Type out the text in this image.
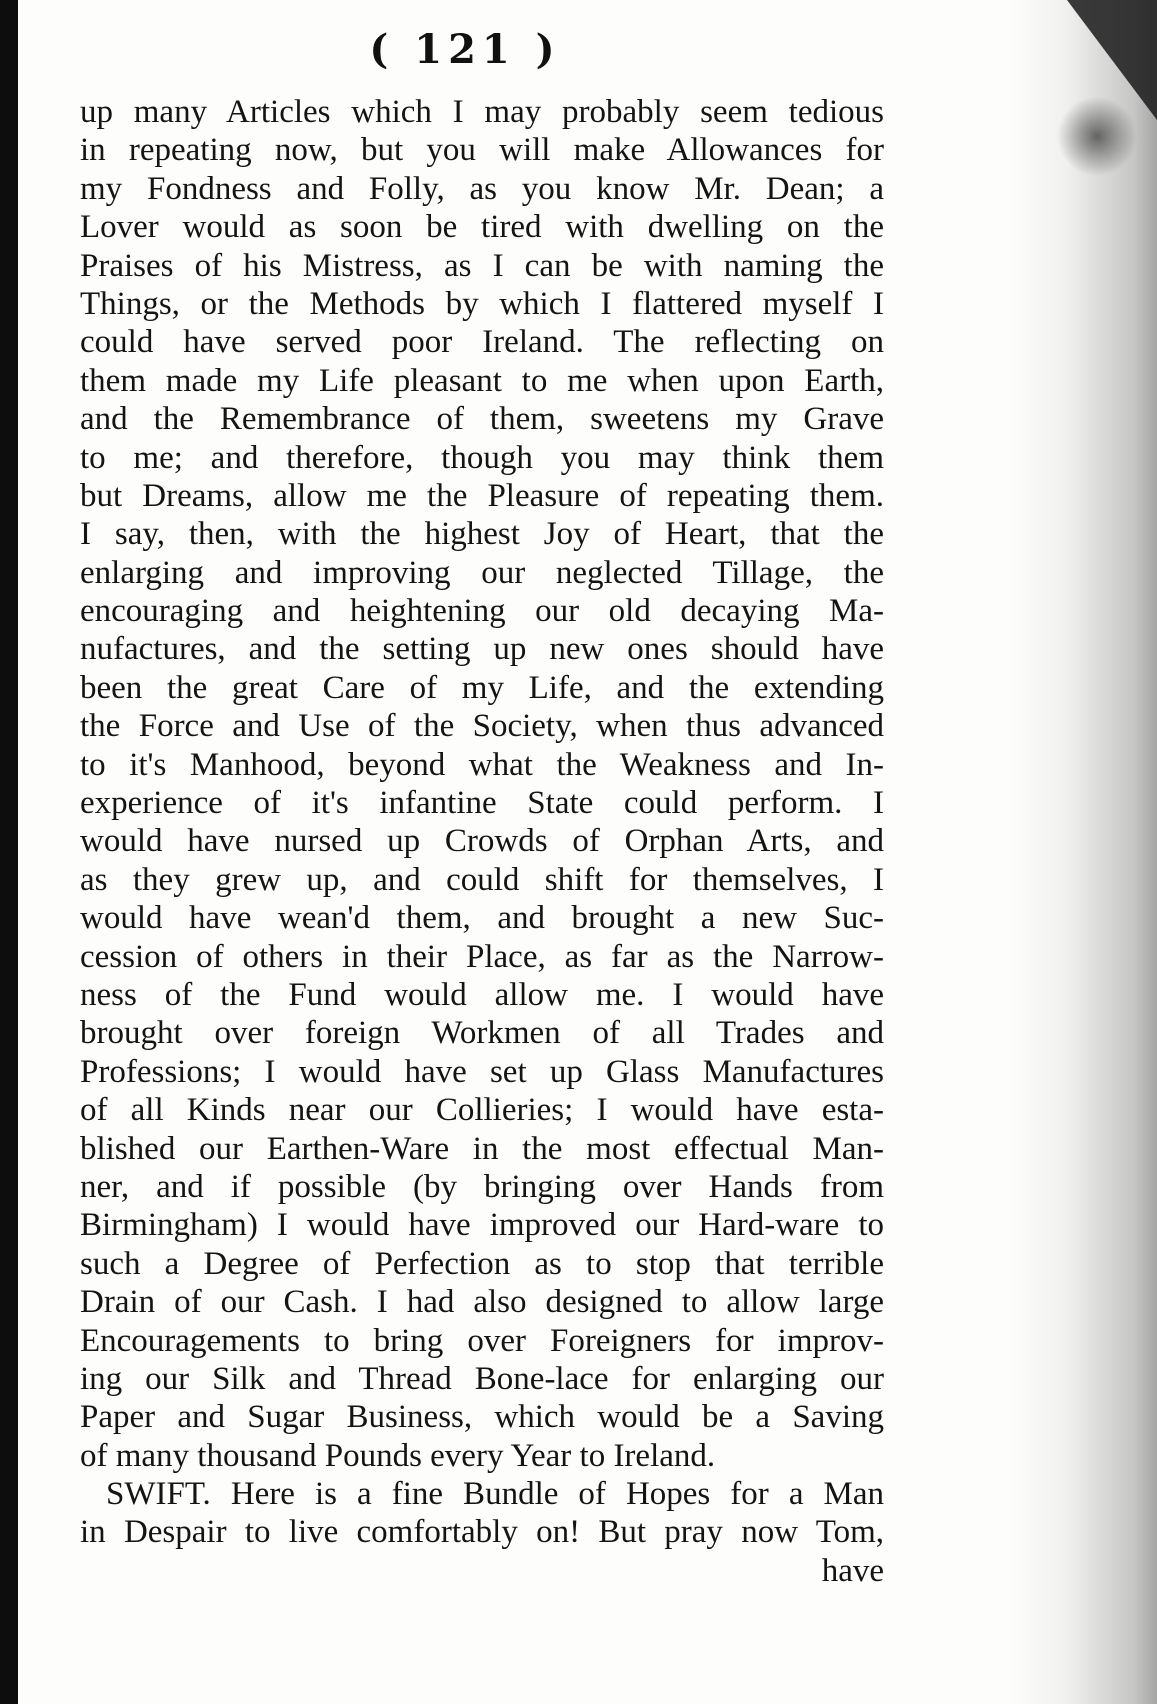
( 121 )
up many Articles which I may probably seem tedious
in repeating now, but you will make Allowances for
my Fondness and Folly, as you know Mr. Dean; a
Lover would as soon be tired with dwelling on the
Praises of his Mistress, as I can be with naming the
Things, or the Methods by which I flattered myself I
could have served poor Ireland. The reflecting on
them made my Life pleasant to me when upon Earth,
and the Remembrance of them, sweetens my Grave
to me; and therefore, though you may think them
but Dreams, allow me the Pleasure of repeating them.
I say, then, with the highest Joy of Heart, that the
enlarging and improving our neglected Tillage, the
encouraging and heightening our old decaying Ma-
nufactures, and the setting up new ones should have
been the great Care of my Life, and the extending
the Force and Use of the Society, when thus advanced
to it's Manhood, beyond what the Weakness and In-
experience of it's infantine State could perform. I
would have nursed up Crowds of Orphan Arts, and
as they grew up, and could shift for themselves, I
would have wean'd them, and brought a new Suc-
cession of others in their Place, as far as the Narrow-
ness of the Fund would allow me. I would have
brought over foreign Workmen of all Trades and
Professions; I would have set up Glass Manufactures
of all Kinds near our Collieries; I would have esta-
blished our Earthen-Ware in the most effectual Man-
ner, and if possible (by bringing over Hands from
Birmingham) I would have improved our Hard-ware to
such a Degree of Perfection as to stop that terrible
Drain of our Cash. I had also designed to allow large
Encouragements to bring over Foreigners for improv-
ing our Silk and Thread Bone-lace for enlarging our
Paper and Sugar Business, which would be a Saving
of many thousand Pounds every Year to Ireland.
SWIFT. Here is a fine Bundle of Hopes for a Man
in Despair to live comfortably on! But pray now Tom,
have
